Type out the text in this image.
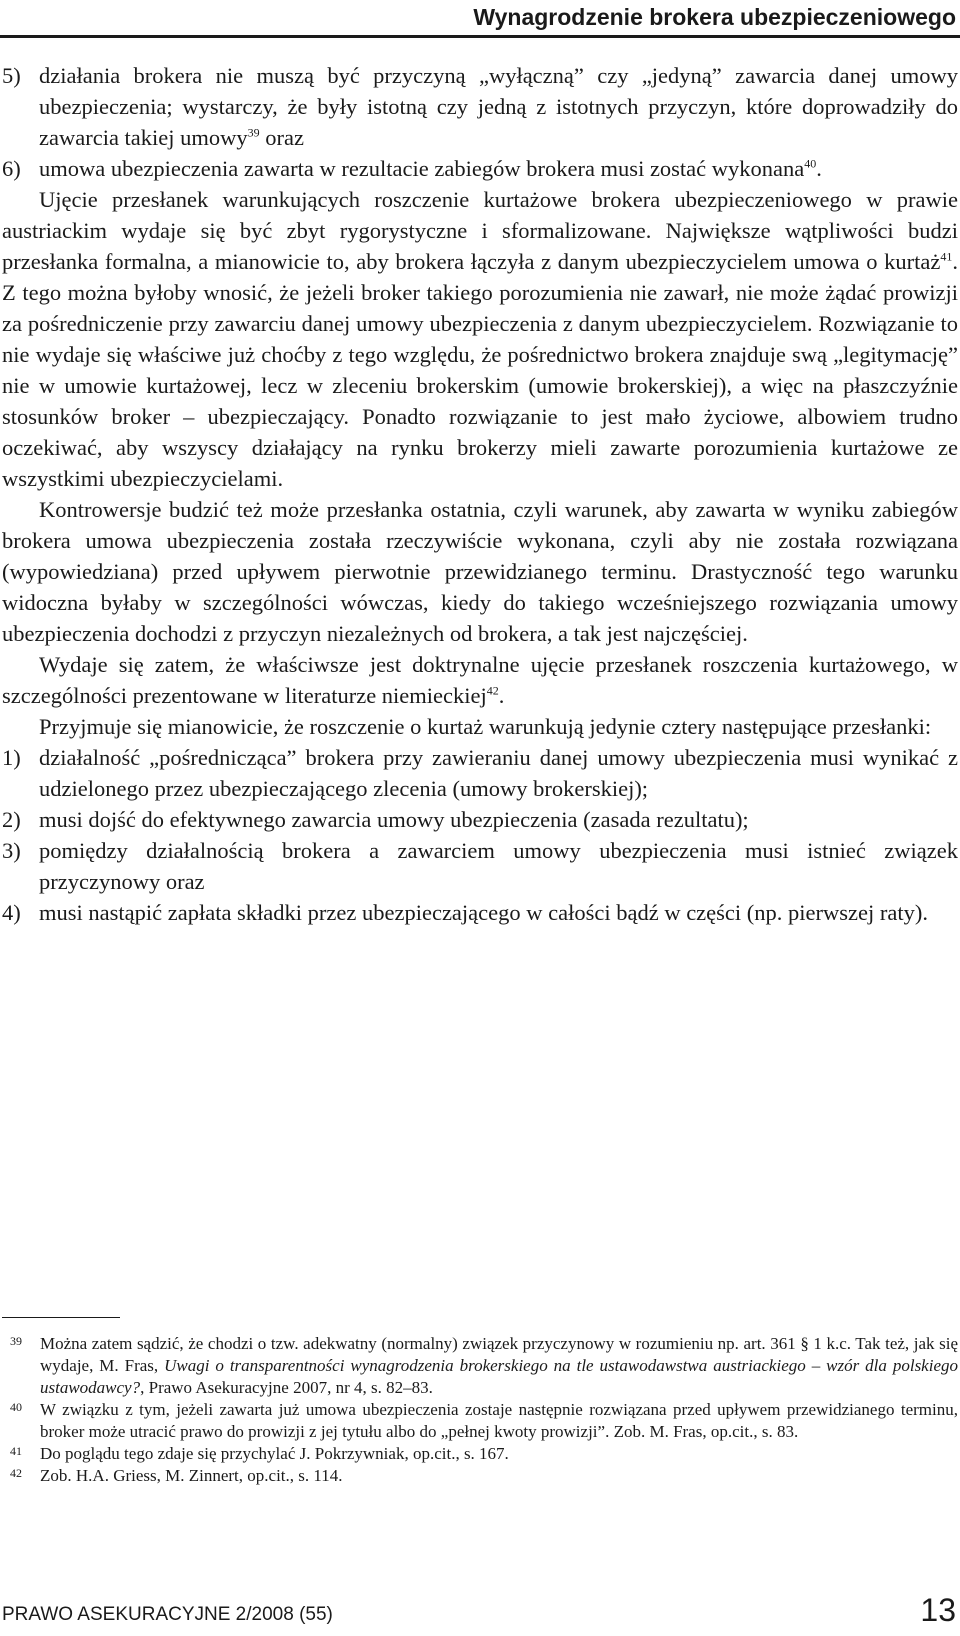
Wynagrodzenie brokera ubezpieczeniowego

5) działania brokera nie muszą być przyczyną „wyłączną” czy „jedyną” zawarcia danej umowy ubezpieczenia; wystarczy, że były istotną czy jedną z istotnych przyczyn, które doprowadziły do zawarcia takiej umowy$^{39}$ oraz

6) umowa ubezpieczenia zawarta w rezultacie zabiegów brokera musi zostać wykonana$^{40}$.

Ujęcie przesłanek warunkujących roszczenie kurtażowe brokera ubezpieczeniowego w prawie austriackim wydaje się być zbyt rygorystyczne i sformalizowane. Największe wątpliwości budzi przesłanka formalna, a mianowicie to, aby brokera łączyła z danym ubezpieczycielem umowa o kurtaż$^{41}$. Z tego można byłoby wnosić, że jeżeli broker takiego porozumienia nie zawarł, nie może żądać prowizji za pośredniczenie przy zawarciu danej umowy ubezpieczenia z danym ubezpieczycielem. Rozwiązanie to nie wydaje się właściwe już choćby z tego względu, że pośrednictwo brokera znajduje swą „legitymację” nie w umowie kurtażowej, lecz w zleceniu brokerskim (umowie brokerskiej), a więc na płaszczyźnie stosunków broker – ubezpieczający. Ponadto rozwiązanie to jest mało życiowe, albowiem trudno oczekiwać, aby wszyscy działający na rynku brokerzy mieli zawarte porozumienia kurtażowe ze wszystkimi ubezpieczycielami.

Kontrowersje budzić też może przesłanka ostatnia, czyli warunek, aby zawarta w wyniku zabiegów brokera umowa ubezpieczenia została rzeczywiście wykonana, czyli aby nie została rozwiązana (wypowiedziana) przed upływem pierwotnie przewidzianego terminu. Drastyczność tego warunku widoczna byłaby w szczególności wówczas, kiedy do takiego wcześniejszego rozwiązania umowy ubezpieczenia dochodzi z przyczyn niezależnych od brokera, a tak jest najczęściej.

Wydaje się zatem, że właściwsze jest doktrynalne ujęcie przesłanek roszczenia kurtażowego, w szczególności prezentowane w literaturze niemieckiej$^{42}$.

Przyjmuje się mianowicie, że roszczenie o kurtaż warunkują jedynie cztery następujące przesłanki:

1) działalność „pośrednicząca” brokera przy zawieraniu danej umowy ubezpieczenia musi wynikać z udzielonego przez ubezpieczającego zlecenia (umowy brokerskiej);

2) musi dojść do efektywnego zawarcia umowy ubezpieczenia (zasada rezultatu);

3) pomiędzy działalnością brokera a zawarciem umowy ubezpieczenia musi istnieć związek przyczynowy oraz

4) musi nastąpić zapłata składki przez ubezpieczającego w całości bądź w części (np. pierwszej raty).

39 Można zatem sądzić, że chodzi o tzw. adekwatny (normalny) związek przyczynowy w rozumieniu np. art. 361 § 1 k.c. Tak też, jak się wydaje, M. Fras, Uwagi o transparentności wynagrodzenia brokerskiego na tle ustawodawstwa austriackiego – wzór dla polskiego ustawodawcy?, Prawo Asekuracyjne 2007, nr 4, s. 82–83.

40 W związku z tym, jeżeli zawarta już umowa ubezpieczenia zostaje następnie rozwiązana przed upływem przewidzianego terminu, broker może utracić prawo do prowizji z jej tytułu albo do „pełnej kwoty prowizji”. Zob. M. Fras, op.cit., s. 83.

41 Do poglądu tego zdaje się przychylać J. Pokrzywniak, op.cit., s. 167.

42 Zob. H.A. Griess, M. Zinnert, op.cit., s. 114.

PRAWO ASEKURACYJNE 2/2008 (55)	13
